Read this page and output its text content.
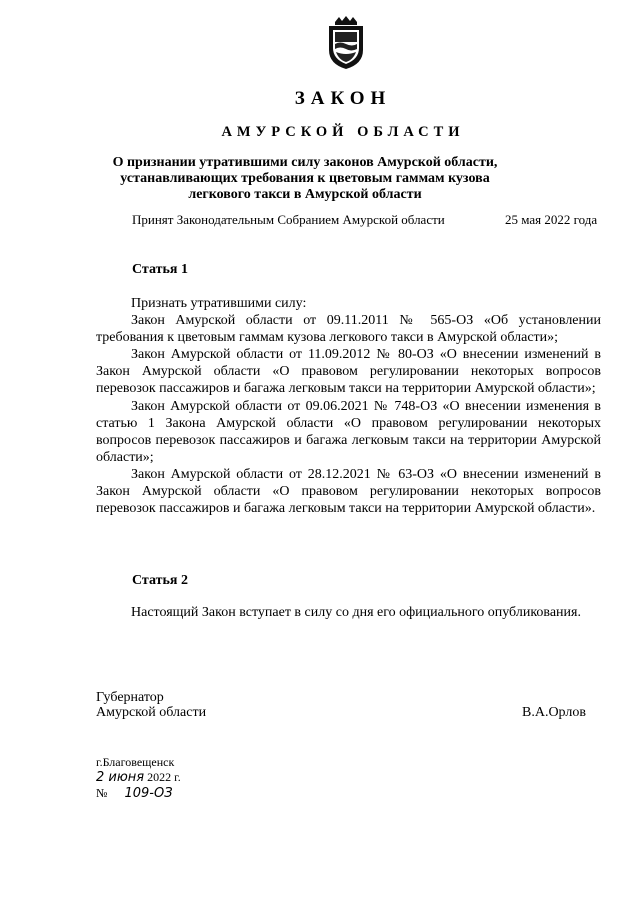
ЗАКОН
АМУРСКОЙ ОБЛАСТИ
О признании утратившими силу законов Амурской области, устанавливающих требования к цветовым гаммам кузова легкового такси в Амурской области
Принят Законодательным Собранием Амурской области	25 мая 2022 года
Статья 1

Признать утратившими силу:

Закон Амурской области от 09.11.2011 № 565-ОЗ «Об установлении требования к цветовым гаммам кузова легкового такси в Амурской области»;

Закон Амурской области от 11.09.2012 № 80-ОЗ «О внесении изменений в Закон Амурской области «О правовом регулировании некоторых вопросов перевозок пассажиров и багажа легковым такси на территории Амурской области»;

Закон Амурской области от 09.06.2021 № 748-ОЗ «О внесении изменения в статью 1 Закона Амурской области «О правовом регулировании некоторых вопросов перевозок пассажиров и багажа легковым такси на территории Амурской области»;

Закон Амурской области от 28.12.2021 № 63-ОЗ «О внесении изменений в Закон Амурской области «О правовом регулировании некоторых вопросов перевозок пассажиров и багажа легковым такси на территории Амурской области».

Статья 2

Настоящий Закон вступает в силу со дня его официального опубликования.

Губернатор
Амурской области	В.А.Орлов
г.Благовещенск
2 июня 2022 г.
№ 109-ОЗ
